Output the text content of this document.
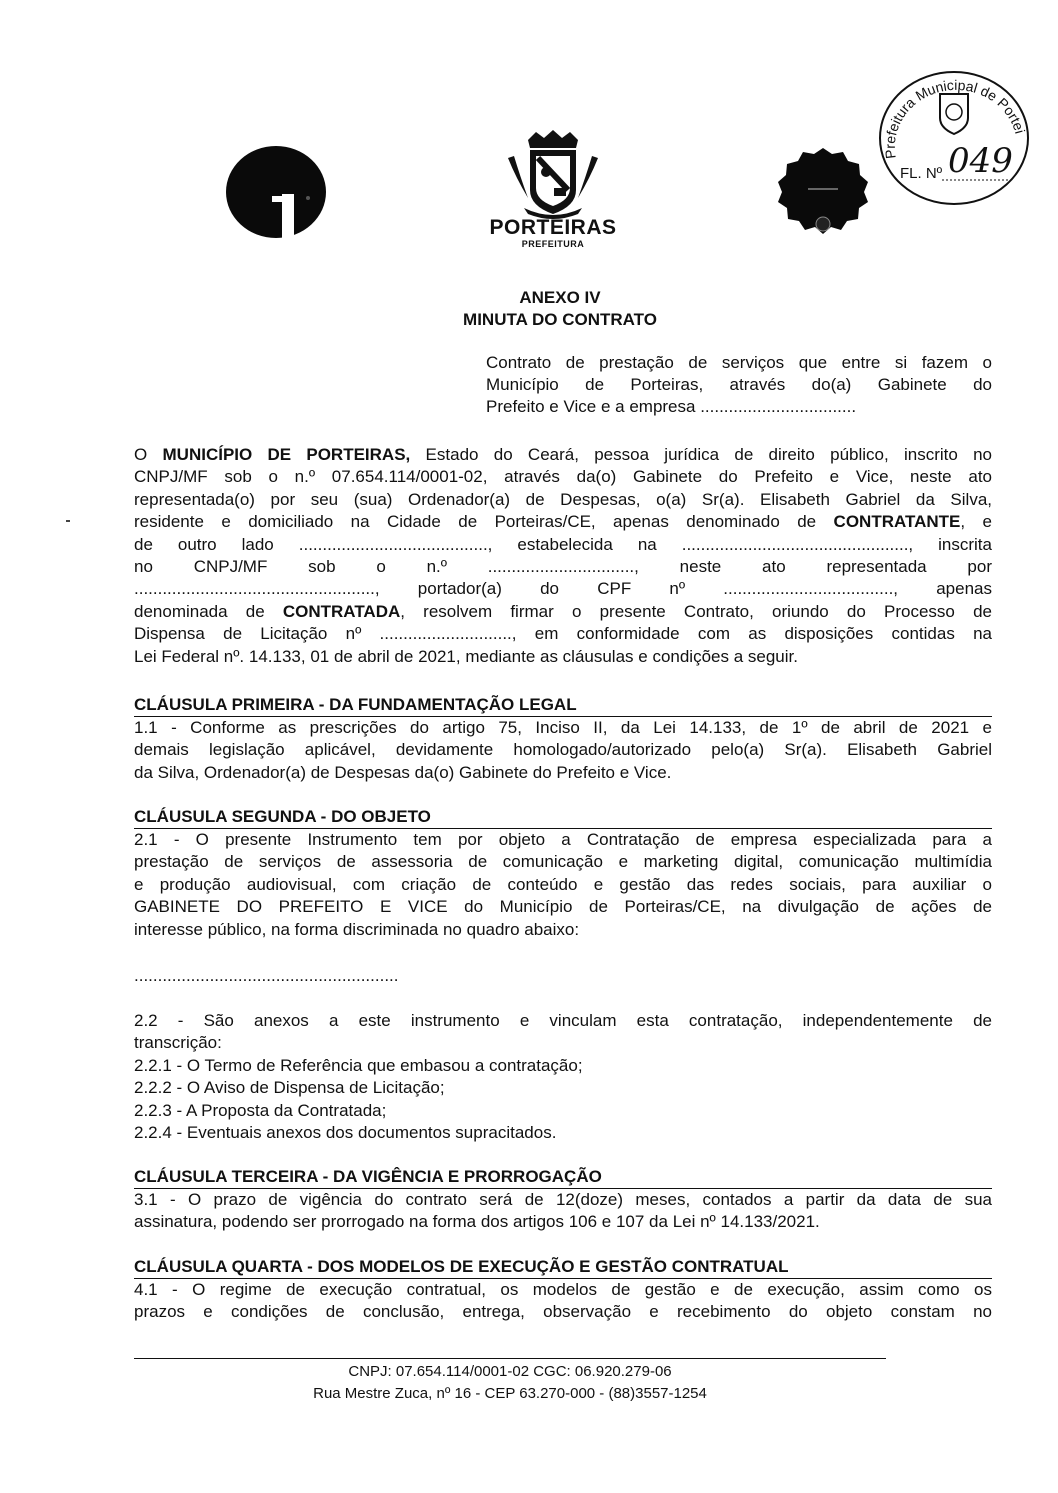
PORTEIRAS
PREFEITURA
Prefeitura Municipal de Portei
FL. Nº 049
ANEXO IV
MINUTA DO CONTRATO
Contrato de prestação de serviços que entre si fazem o
Município de Porteiras, através do(a) Gabinete do
Prefeito e Vice e a empresa .................................
O MUNICÍPIO DE PORTEIRAS, Estado do Ceará, pessoa jurídica de direito público, inscrito no
CNPJ/MF sob o n.º 07.654.114/0001-02, através da(o) Gabinete do Prefeito e Vice, neste ato
representada(o) por seu (sua) Ordenador(a) de Despesas, o(a) Sr(a). Elisabeth Gabriel da Silva,
residente e domiciliado na Cidade de Porteiras/CE, apenas denominado de CONTRATANTE, e
de outro lado ........................................, estabelecida na ................................................, inscrita
no CNPJ/MF sob o n.º ..............................., neste ato representada por
..................................................., portador(a) do CPF nº ...................................., apenas
denominada de CONTRATADA, resolvem firmar o presente Contrato, oriundo do Processo de
Dispensa de Licitação nº ............................, em conformidade com as disposições contidas na
Lei Federal nº. 14.133, 01 de abril de 2021, mediante as cláusulas e condições a seguir.
CLÁUSULA PRIMEIRA - DA FUNDAMENTAÇÃO LEGAL
1.1 - Conforme as prescrições do artigo 75, Inciso II, da Lei 14.133, de 1º de abril de 2021 e
demais legislação aplicável, devidamente homologado/autorizado pelo(a) Sr(a). Elisabeth Gabriel
da Silva, Ordenador(a) de Despesas da(o) Gabinete do Prefeito e Vice.
CLÁUSULA SEGUNDA - DO OBJETO
2.1 - O presente Instrumento tem por objeto a Contratação de empresa especializada para a
prestação de serviços de assessoria de comunicação e marketing digital, comunicação multimídia
e produção audiovisual, com criação de conteúdo e gestão das redes sociais, para auxiliar o
GABINETE DO PREFEITO E VICE do Município de Porteiras/CE, na divulgação de ações de
interesse público, na forma discriminada no quadro abaixo:
........................................................
2.2 - São anexos a este instrumento e vinculam esta contratação, independentemente de
transcrição:
2.2.1 - O Termo de Referência que embasou a contratação;
2.2.2 - O Aviso de Dispensa de Licitação;
2.2.3 - A Proposta da Contratada;
2.2.4 - Eventuais anexos dos documentos supracitados.
CLÁUSULA TERCEIRA - DA VIGÊNCIA E PRORROGAÇÃO
3.1 - O prazo de vigência do contrato será de 12(doze) meses, contados a partir da data de sua
assinatura, podendo ser prorrogado na forma dos artigos 106 e 107 da Lei nº 14.133/2021.
CLÁUSULA QUARTA - DOS MODELOS DE EXECUÇÃO E GESTÃO CONTRATUAL
4.1 - O regime de execução contratual, os modelos de gestão e de execução, assim como os
prazos e condições de conclusão, entrega, observação e recebimento do objeto constam no
CNPJ: 07.654.114/0001-02 CGC: 06.920.279-06
Rua Mestre Zuca, nº 16 - CEP 63.270-000 - (88)3557-1254
